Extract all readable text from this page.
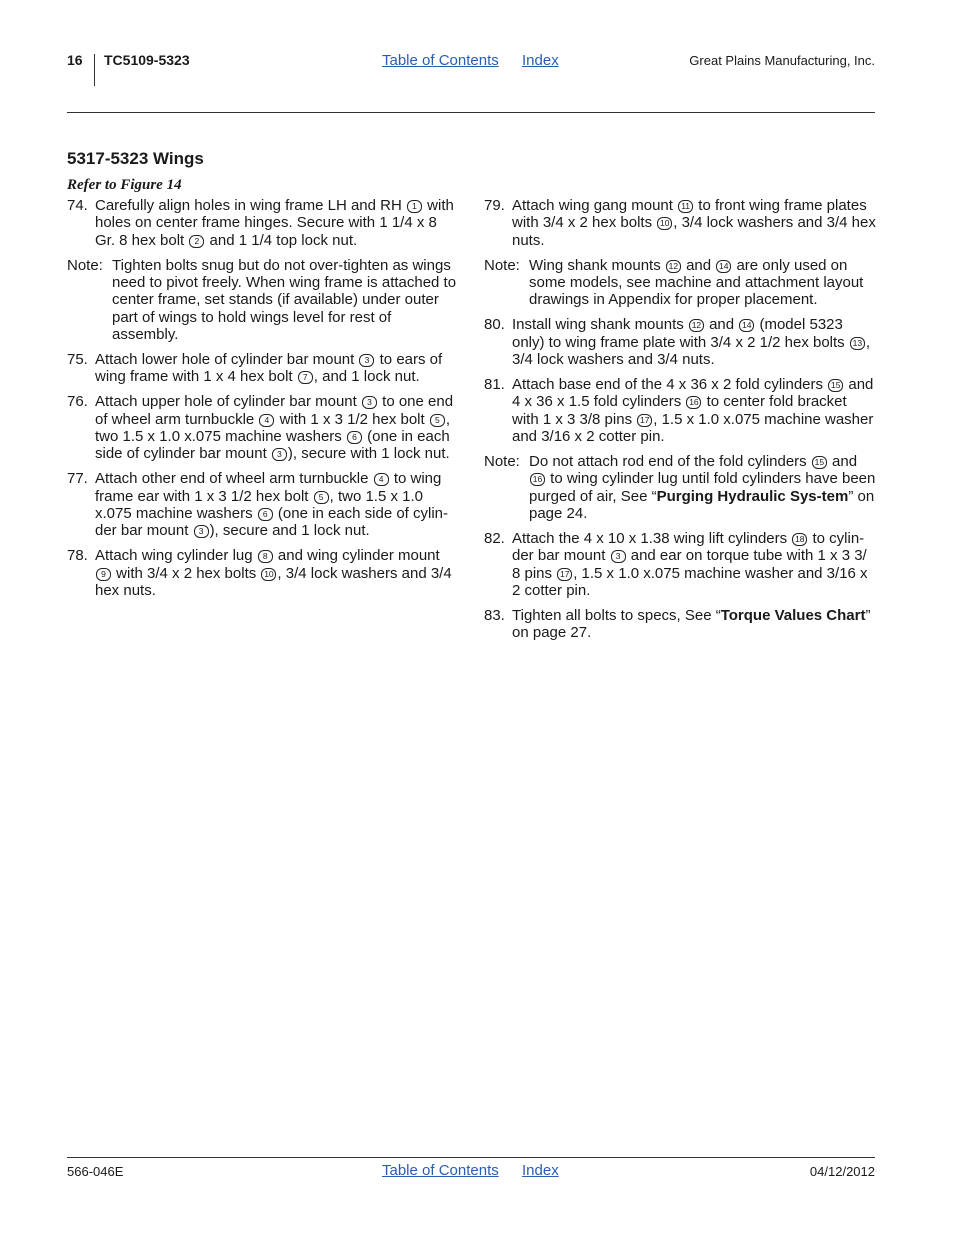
16 TC5109-5323	Table of Contents Index	Great Plains Manufacturing, Inc.
5317-5323 Wings
Refer to Figure 14
74. Carefully align holes in wing frame LH and RH 1 with holes on center frame hinges. Secure with 1 1/4 x 8 Gr. 8 hex bolt 2 and 1 1/4 top lock nut.
Note: Tighten bolts snug but do not over-tighten as wings need to pivot freely. When wing frame is attached to center frame, set stands (if available) under outer part of wings to hold wings level for rest of assembly.
75. Attach lower hole of cylinder bar mount 3 to ears of wing frame with 1 x 4 hex bolt 7 , and 1 lock nut.
76. Attach upper hole of cylinder bar mount 3 to one end of wheel arm turnbuckle 4 with 1 x 3 1/2 hex bolt 5 , two 1.5 x 1.0 x.075 machine washers 6 (one in each side of cylinder bar mount 3 ), secure with 1 lock nut.
77. Attach other end of wheel arm turnbuckle 4 to wing frame ear with 1 x 3 1/2 hex bolt 5 , two 1.5 x 1.0 x.075 machine washers 6 (one in each side of cylin-der bar mount 3 ), secure and 1 lock nut.
78. Attach wing cylinder lug 8 and wing cylinder mount 9 with 3/4 x 2 hex bolts 10 , 3/4 lock washers and 3/4 hex nuts.
79. Attach wing gang mount 11 to front wing frame plates with 3/4 x 2 hex bolts 10 , 3/4 lock washers and 3/4 hex nuts.
Note: Wing shank mounts 12 and 14 are only used on some models, see machine and attachment layout drawings in Appendix for proper placement.
80. Install wing shank mounts 12 and 14 (model 5323 only) to wing frame plate with 3/4 x 2 1/2 hex bolts 13 , 3/4 lock washers and 3/4 nuts.
81. Attach base end of the 4 x 36 x 2 fold cylinders 15 and 4 x 36 x 1.5 fold cylinders 16 to center fold bracket with 1 x 3 3/8 pins 17 , 1.5 x 1.0 x.075 machine washer and 3/16 x 2 cotter pin.
Note: Do not attach rod end of the fold cylinders 15 and 16 to wing cylinder lug until fold cylinders have been purged of air, See “Purging Hydraulic Sys-tem” on page 24.
82. Attach the 4 x 10 x 1.38 wing lift cylinders 18 to cylin-der bar mount 3 and ear on torque tube with 1 x 3 3/ 8 pins 17 , 1.5 x 1.0 x.075 machine washer and 3/16 x 2 cotter pin.
83. Tighten all bolts to specs, See “Torque Values Chart” on page 27.
566-046E	Table of Contents Index	04/12/2012
